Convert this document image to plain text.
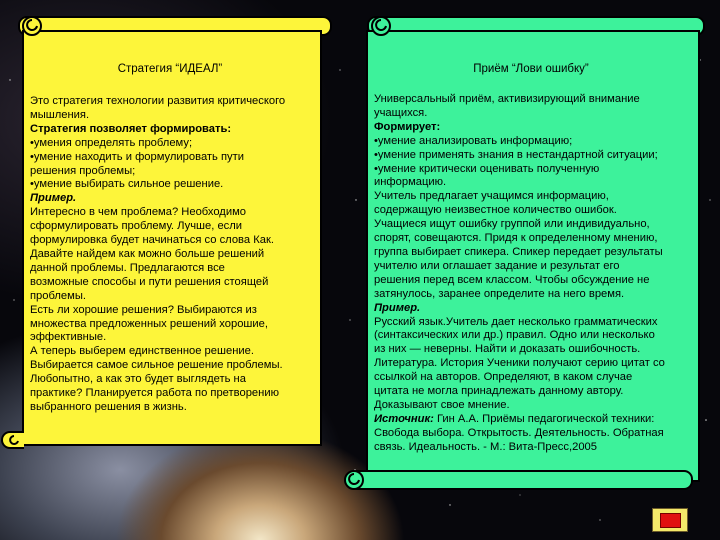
Стратегия “ИДЕАЛ”
Это стратегия технологии развития критического
мышления.
Стратегия позволяет формировать:
•умения определять проблему;
•умение находить и формулировать пути
решения проблемы;
•умение выбирать сильное решение.
Пример.
Интересно в чем проблема? Необходимо
сформулировать проблему. Лучше, если
формулировка будет начинаться со слова Как.
Давайте найдем как можно больше решений
данной проблемы. Предлагаются все
возможные способы и пути решения стоящей
проблемы.
Есть ли хорошие решения? Выбираются из
множества предложенных решений хорошие,
эффективные.
А теперь выберем единственное решение.
Выбирается самое сильное решение проблемы.
Любопытно, а как это будет выглядеть на
практике? Планируется работа по претворению
выбранного решения в жизнь.
Приём “Лови ошибку”
Универсальный приём, активизирующий внимание
учащихся.
Формирует:
•умение анализировать информацию;
•умение применять знания в нестандартной ситуации;
•умение критически оценивать полученную
информацию.
Учитель предлагает учащимся информацию,
содержащую неизвестное количество ошибок.
Учащиеся ищут ошибку группой или индивидуально,
спорят, совещаются. Придя к определенному мнению,
группа выбирает спикера. Спикер передает результаты
учителю или оглашает задание и результат его
решения перед всем классом. Чтобы обсуждение не
затянулось, заранее определите на него время.
Пример.
Русский язык.Учитель дает несколько грамматических
(синтаксических или др.) правил. Одно или несколько
из них — неверны. Найти и доказать ошибочность.
Литература. История Ученики получают серию цитат со
ссылкой на авторов. Определяют, в каком случае
цитата не могла принадлежать данному автору.
Доказывают свое мнение.
Источник: Гин А.А. Приёмы педагогической техники:
Свобода выбора. Открытость. Деятельность. Обратная
связь. Идеальность. - М.: Вита-Пресс,2005
